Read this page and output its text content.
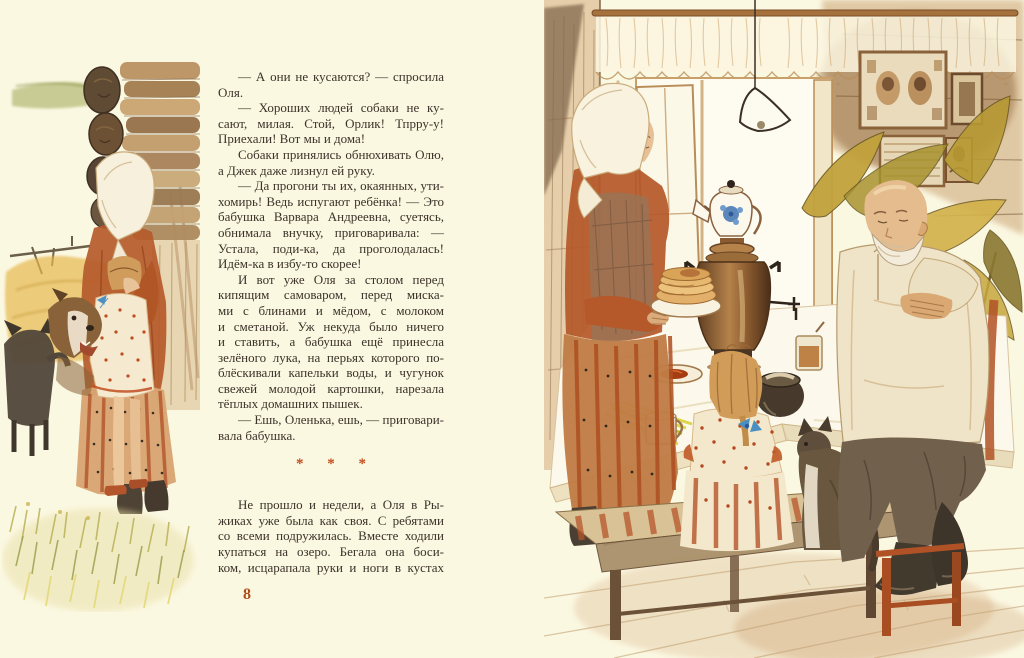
— А они не кусаются? — спросила
Оля.
— Хороших людей собаки не ку-
сают, милая. Стой, Орлик! Тпрру-у!
Приехали! Вот мы и дома!
Собаки принялись обнюхивать Олю,
а Джек даже лизнул ей руку.
— Да прогони ты их, окаянных, ути-
хомирь! Ведь испугают ребёнка! — Это
бабушка Варвара Андреевна, суетясь,
обнимала внучку, приговаривала: —
Устала, поди-ка, да проголодалась!
Идём-ка в избу-то скорее!
И вот уже Оля за столом перед
кипящим самоваром, перед миска-
ми с блинами и мёдом, с молоком
и сметаной. Уж некуда было ничего
и ставить, а бабушка ещё принесла
зелёного лука, на перьях которого по-
блёскивали капельки воды, и чугунок
свежей молодой картошки, нарезала
тёплых домашних пышек.
— Ешь, Оленька, ешь, — приговари-
вала бабушка.
* * *
Не прошло и недели, а Оля в Ры-
жиках уже была как своя. С ребятами
со всеми подружилась. Вместе ходили
купаться на озеро. Бегала она боси-
ком, исцарапала руки и ноги в кустах
8
